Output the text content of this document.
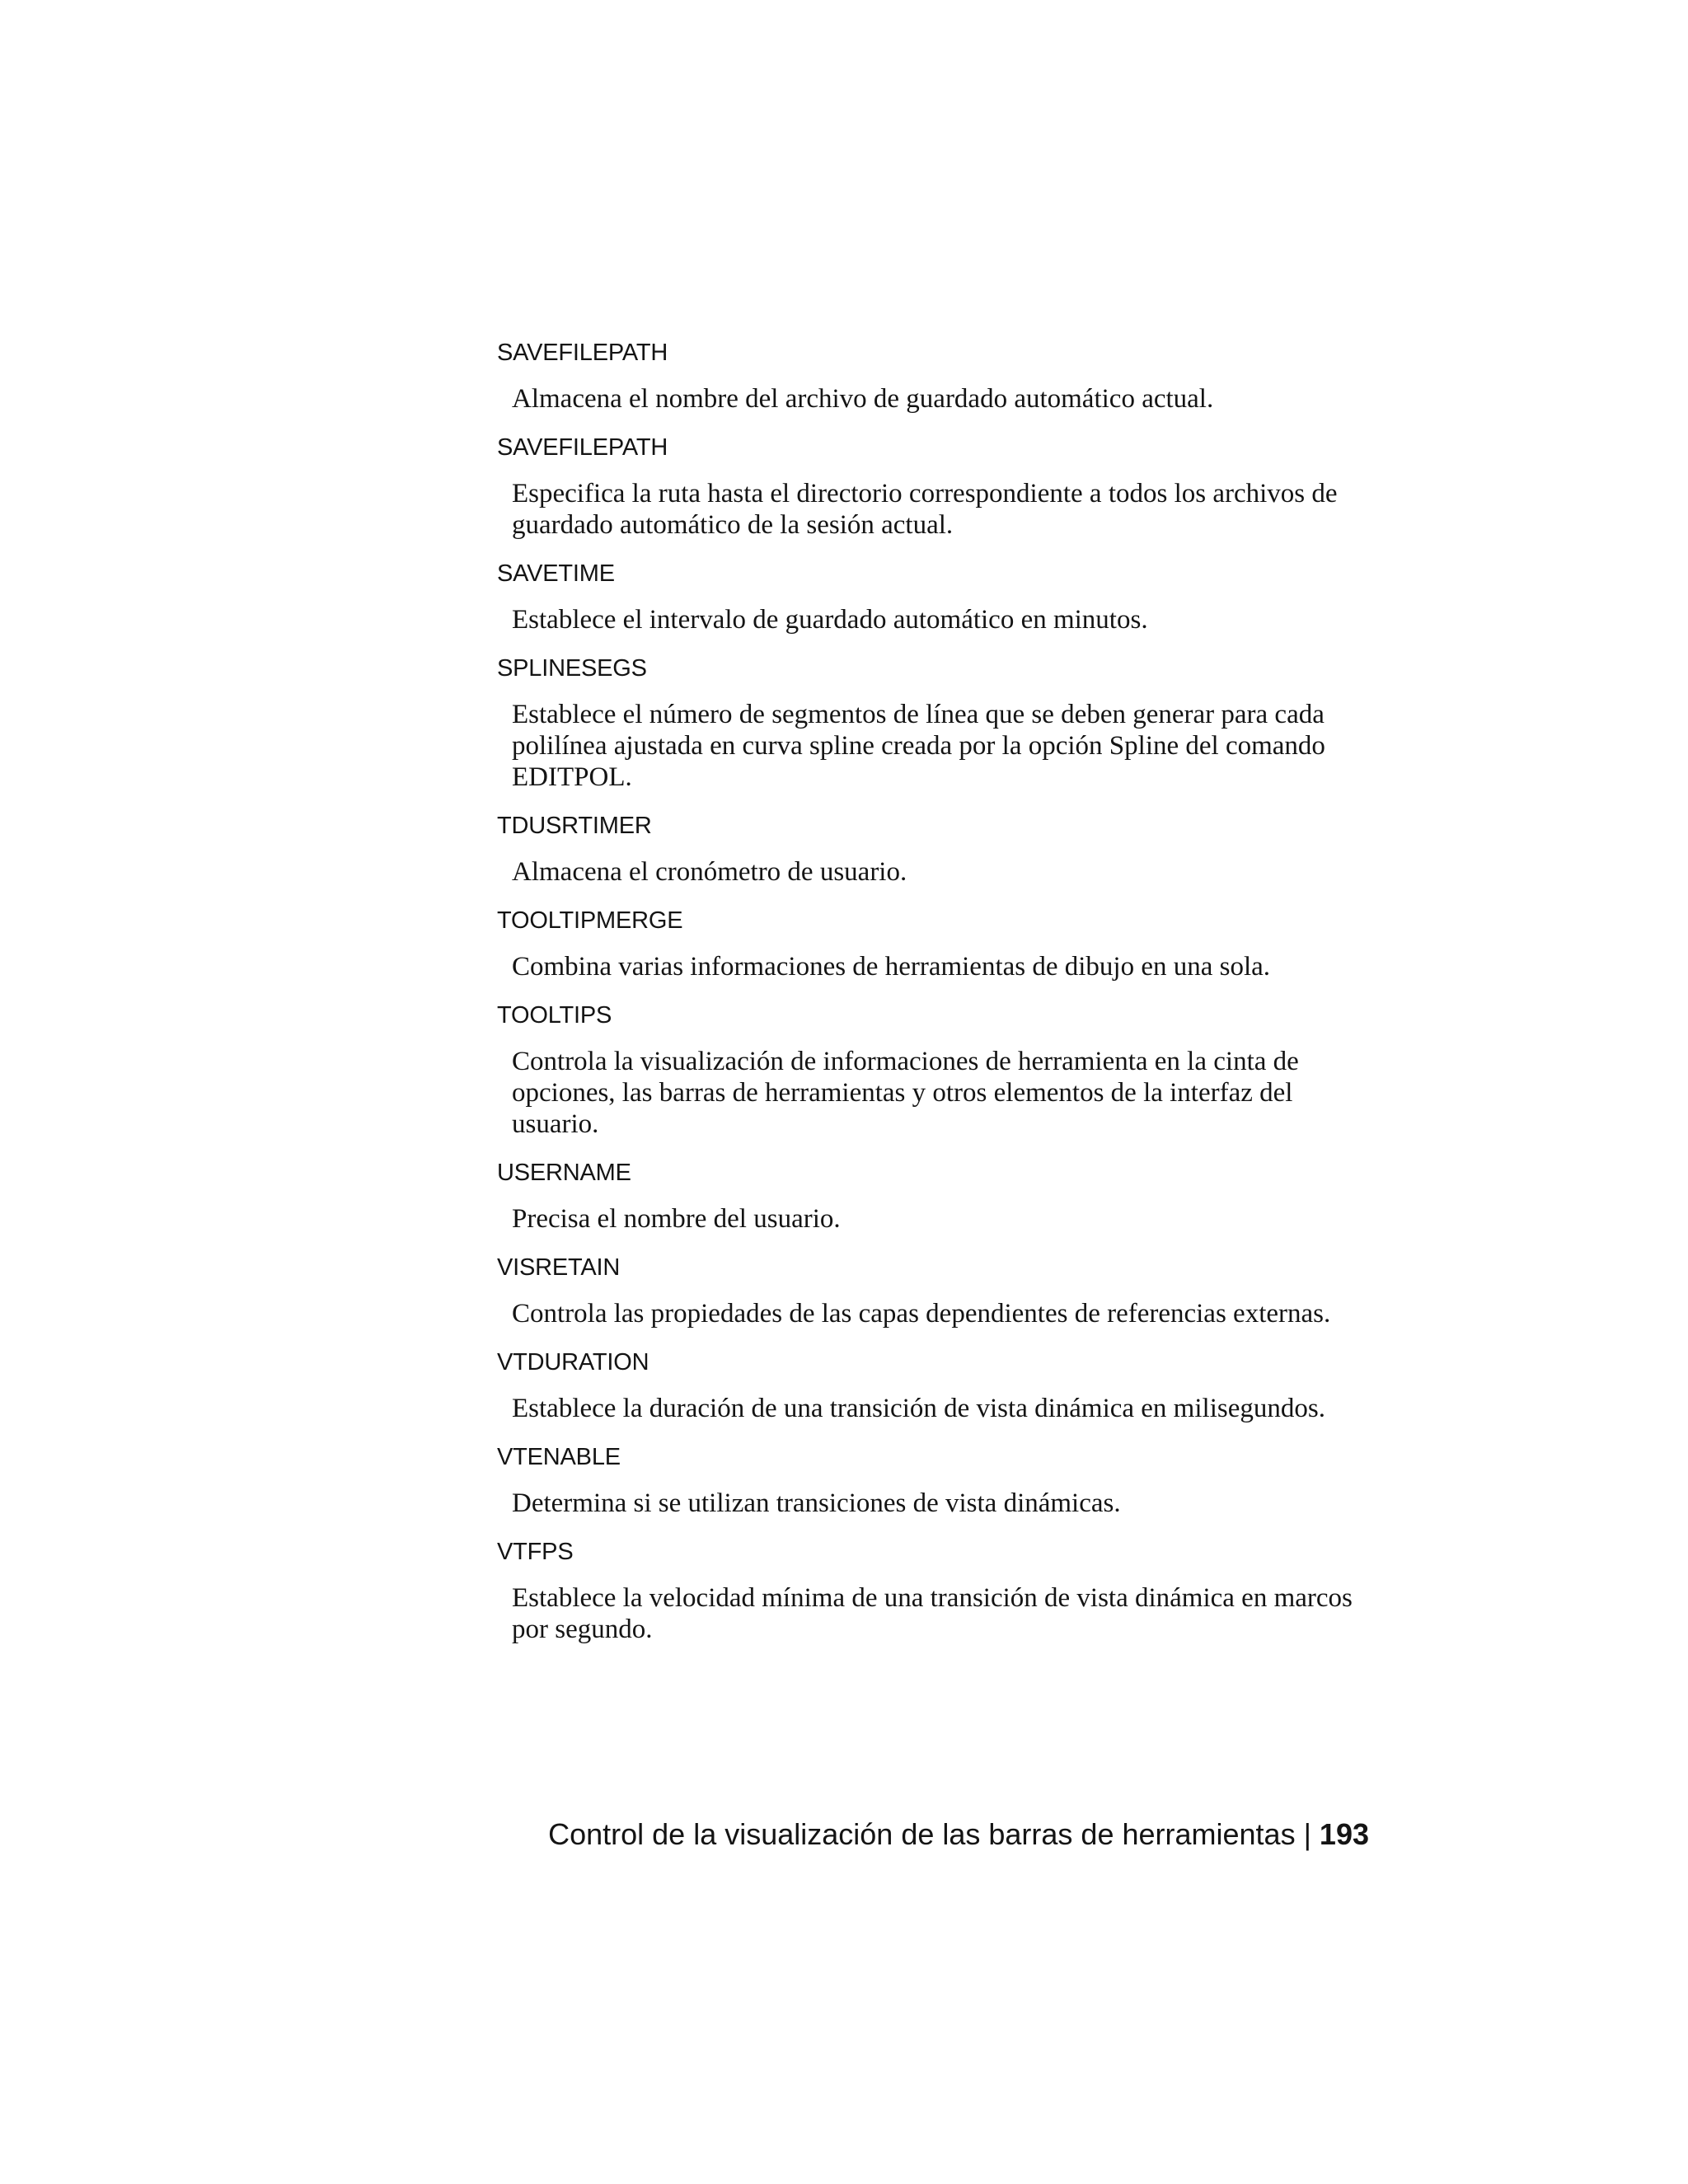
SAVEFILEPATH

Almacena el nombre del archivo de guardado automático actual.

SAVEFILEPATH

Especifica la ruta hasta el directorio correspondiente a todos los archivos de guardado automático de la sesión actual.

SAVETIME

Establece el intervalo de guardado automático en minutos.

SPLINESEGS

Establece el número de segmentos de línea que se deben generar para cada polilínea ajustada en curva spline creada por la opción Spline del comando EDITPOL.

TDUSRTIMER

Almacena el cronómetro de usuario.

TOOLTIPMERGE

Combina varias informaciones de herramientas de dibujo en una sola.

TOOLTIPS

Controla la visualización de informaciones de herramienta en la cinta de opciones, las barras de herramientas y otros elementos de la interfaz del usuario.

USERNAME

Precisa el nombre del usuario.

VISRETAIN

Controla las propiedades de las capas dependientes de referencias externas.

VTDURATION

Establece la duración de una transición de vista dinámica en milisegundos.

VTENABLE

Determina si se utilizan transiciones de vista dinámicas.

VTFPS

Establece la velocidad mínima de una transición de vista dinámica en marcos por segundo.

Control de la visualización de las barras de herramientas | 193
